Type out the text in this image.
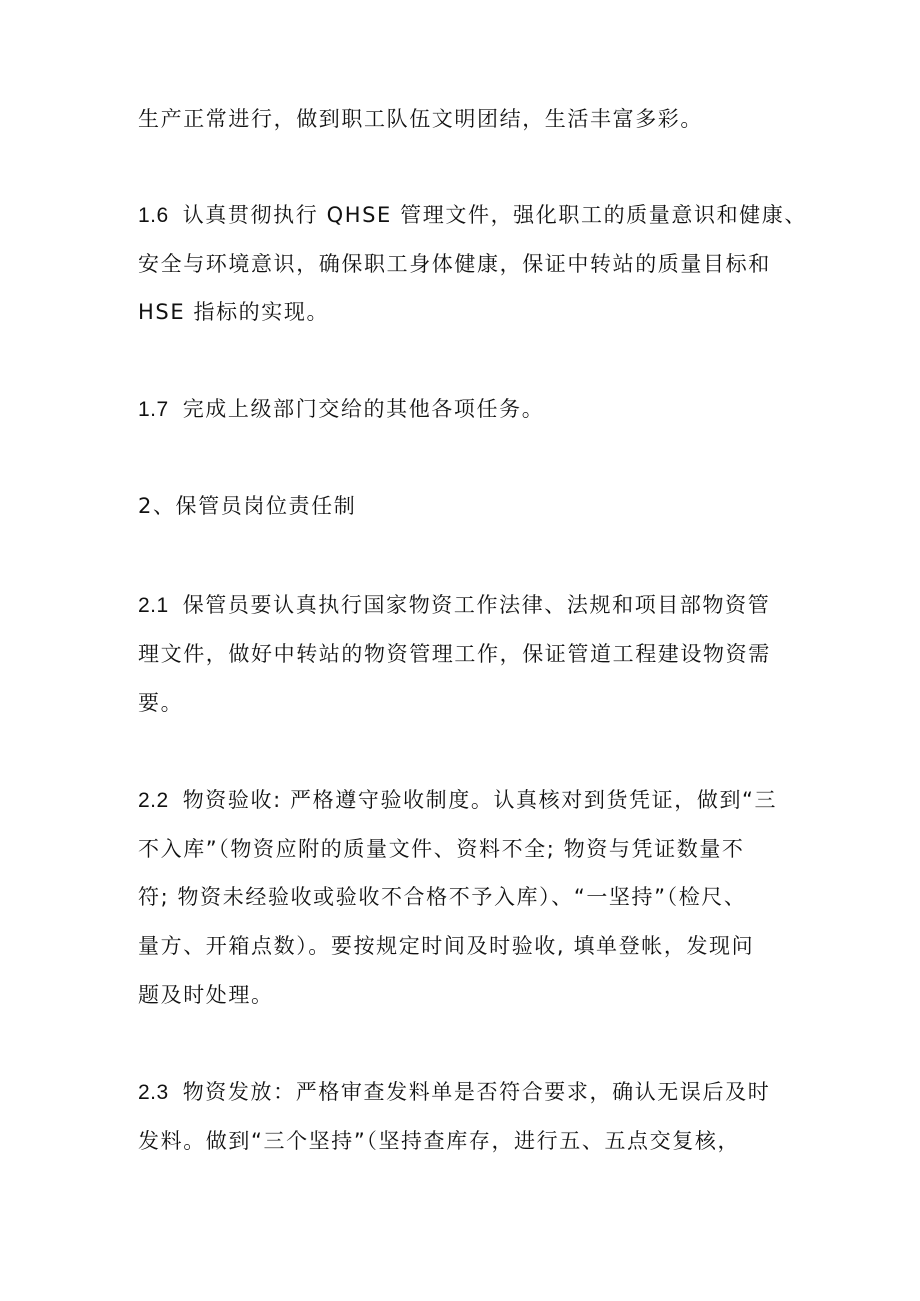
生产正常进行，做到职工队伍文明团结，生活丰富多彩。
1.6 认真贯彻执行 QHSE 管理文件，强化职工的质量意识和健康、
安全与环境意识，确保职工身体健康，保证中转站的质量目标和
HSE 指标的实现。
1.7 完成上级部门交给的其他各项任务。
2、保管员岗位责任制
2.1 保管员要认真执行国家物资工作法律、法规和项目部物资管
理文件，做好中转站的物资管理工作，保证管道工程建设物资需
要。
2.2 物资验收: 严格遵守验收制度。认真核对到货凭证，做到“三
不入库”（物资应附的质量文件、资料不全; 物资与凭证数量不
符; 物资未经验收或验收不合格不予入库）、“一坚持”（检尺、
量方、开箱点数）。要按规定时间及时验收, 填单登帐，发现问
题及时处理。
2.3 物资发放：严格审查发料单是否符合要求，确认无误后及时
发料。做到“三个坚持”（坚持查库存，进行五、五点交复核，
